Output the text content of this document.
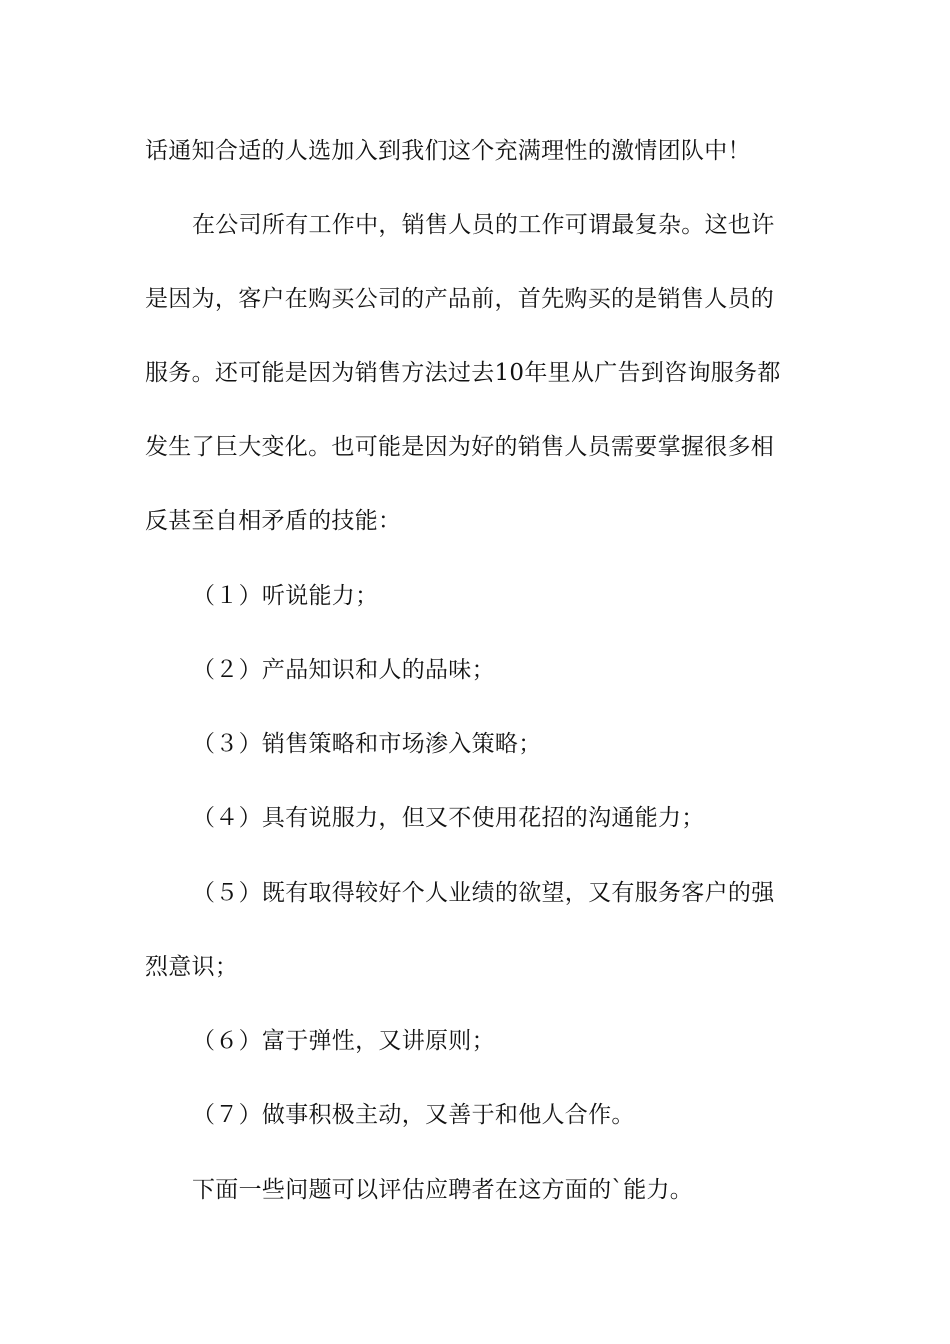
话通知合适的人选加入到我们这个充满理性的激情团队中！
在公司所有工作中，销售人员的工作可谓最复杂。这也许
是因为，客户在购买公司的产品前，首先购买的是销售人员的
服务。还可能是因为销售方法过去10年里从广告到咨询服务都
发生了巨大变化。也可能是因为好的销售人员需要掌握很多相
反甚至自相矛盾的技能：
（１）听说能力；
（２）产品知识和人的品味；
（３）销售策略和市场渗入策略；
（４）具有说服力，但又不使用花招的沟通能力；
（５）既有取得较好个人业绩的欲望，又有服务客户的强
烈意识；
（６）富于弹性，又讲原则；
（７）做事积极主动，又善于和他人合作。
下面一些问题可以评估应聘者在这方面的`能力。
